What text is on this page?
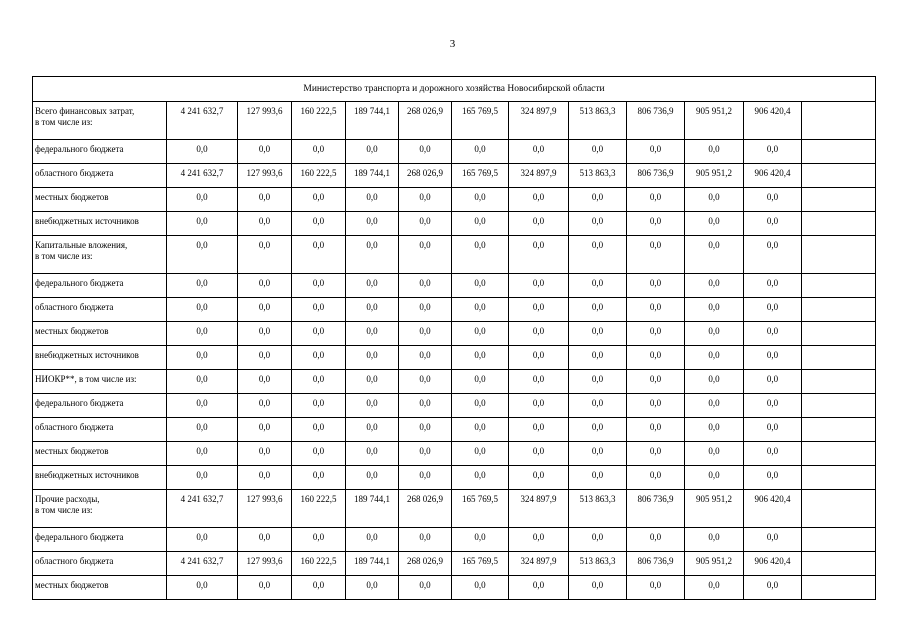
3
Министерство транспорта и дорожного хозяйства Новосибирской области												

Всего финансовых затрат,
в том числе из:	4 241 632,7	127 993,6	160 222,5	189 744,1	268 026,9	165 769,5	324 897,9	513 863,3	806 736,9	905 951,2	906 420,4	

федерального бюджета	0,0	0,0	0,0	0,0	0,0	0,0	0,0	0,0	0,0	0,0	0,0	

областного бюджета	4 241 632,7	127 993,6	160 222,5	189 744,1	268 026,9	165 769,5	324 897,9	513 863,3	806 736,9	905 951,2	906 420,4	

местных бюджетов	0,0	0,0	0,0	0,0	0,0	0,0	0,0	0,0	0,0	0,0	0,0	

внебюджетных источников	0,0	0,0	0,0	0,0	0,0	0,0	0,0	0,0	0,0	0,0	0,0	

Капитальные вложения,
в том числе из:	0,0	0,0	0,0	0,0	0,0	0,0	0,0	0,0	0,0	0,0	0,0	

федерального бюджета	0,0	0,0	0,0	0,0	0,0	0,0	0,0	0,0	0,0	0,0	0,0	

областного бюджета	0,0	0,0	0,0	0,0	0,0	0,0	0,0	0,0	0,0	0,0	0,0	

местных бюджетов	0,0	0,0	0,0	0,0	0,0	0,0	0,0	0,0	0,0	0,0	0,0	

внебюджетных источников	0,0	0,0	0,0	0,0	0,0	0,0	0,0	0,0	0,0	0,0	0,0	

НИОКР**, в том числе из:	0,0	0,0	0,0	0,0	0,0	0,0	0,0	0,0	0,0	0,0	0,0	

федерального бюджета	0,0	0,0	0,0	0,0	0,0	0,0	0,0	0,0	0,0	0,0	0,0	

областного бюджета	0,0	0,0	0,0	0,0	0,0	0,0	0,0	0,0	0,0	0,0	0,0	

местных бюджетов	0,0	0,0	0,0	0,0	0,0	0,0	0,0	0,0	0,0	0,0	0,0	

внебюджетных источников	0,0	0,0	0,0	0,0	0,0	0,0	0,0	0,0	0,0	0,0	0,0	

Прочие расходы,
в том числе из:	4 241 632,7	127 993,6	160 222,5	189 744,1	268 026,9	165 769,5	324 897,9	513 863,3	806 736,9	905 951,2	906 420,4	

федерального бюджета	0,0	0,0	0,0	0,0	0,0	0,0	0,0	0,0	0,0	0,0	0,0	

областного бюджета	4 241 632,7	127 993,6	160 222,5	189 744,1	268 026,9	165 769,5	324 897,9	513 863,3	806 736,9	905 951,2	906 420,4	

местных бюджетов	0,0	0,0	0,0	0,0	0,0	0,0	0,0	0,0	0,0	0,0	0,0	
